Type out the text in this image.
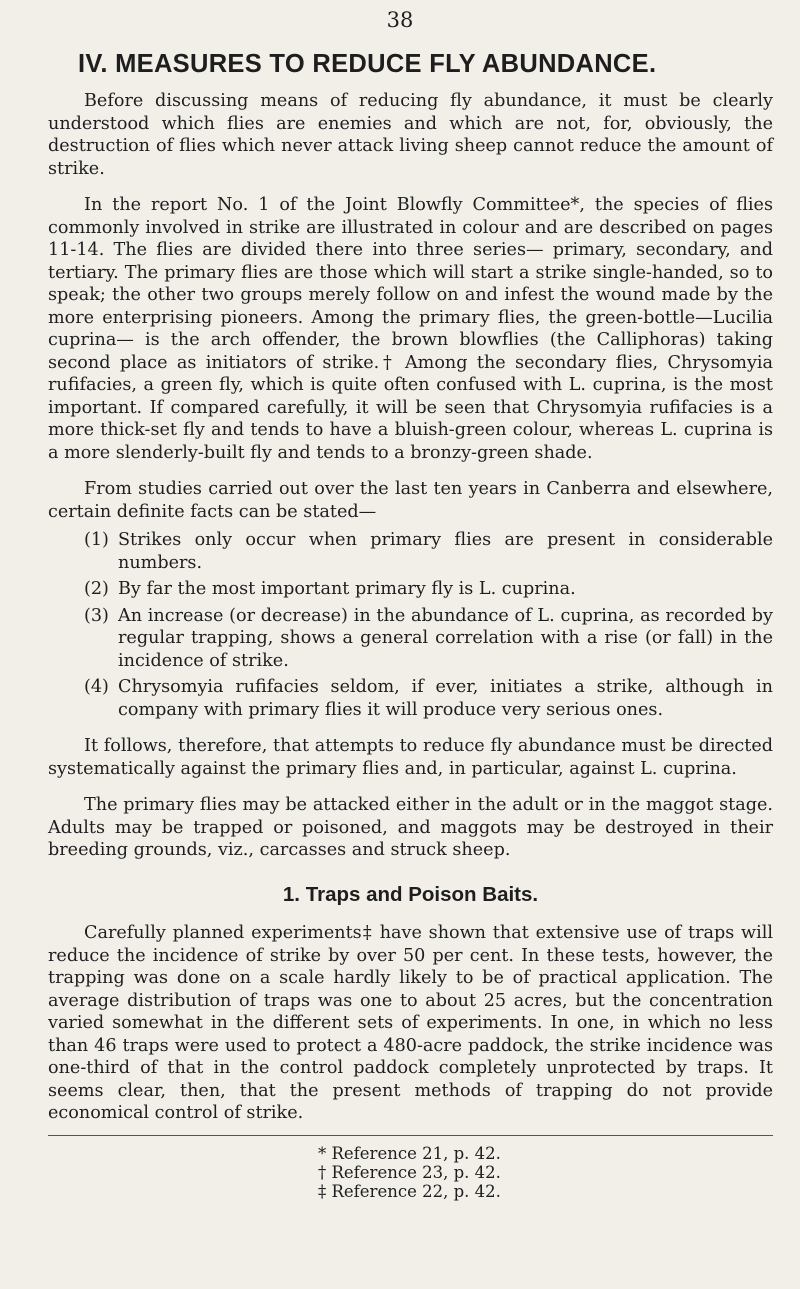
38
IV. MEASURES TO REDUCE FLY ABUNDANCE.

Before discussing means of reducing fly abundance, it must be clearly understood which flies are enemies and which are not, for, obviously, the destruction of flies which never attack living sheep cannot reduce the amount of strike.

In the report No. 1 of the Joint Blowfly Committee*, the species of flies commonly involved in strike are illustrated in colour and are described on pages 11-14. The flies are divided there into three series— primary, secondary, and tertiary. The primary flies are those which will start a strike single-handed, so to speak; the other two groups merely follow on and infest the wound made by the more enterprising pioneers. Among the primary flies, the green-bottle—Lucilia cuprina— is the arch offender, the brown blowflies (the Calliphoras) taking second place as initiators of strike.† Among the secondary flies, Chrysomyia rufifacies, a green fly, which is quite often confused with L. cuprina, is the most important. If compared carefully, it will be seen that Chrysomyia rufifacies is a more thick-set fly and tends to have a bluish-green colour, whereas L. cuprina is a more slenderly-built fly and tends to a bronzy-green shade.

From studies carried out over the last ten years in Canberra and elsewhere, certain definite facts can be stated—

(1) Strikes only occur when primary flies are present in considerable numbers.
(2) By far the most important primary fly is L. cuprina.
(3) An increase (or decrease) in the abundance of L. cuprina, as recorded by regular trapping, shows a general correlation with a rise (or fall) in the incidence of strike.
(4) Chrysomyia rufifacies seldom, if ever, initiates a strike, although in company with primary flies it will produce very serious ones.

It follows, therefore, that attempts to reduce fly abundance must be directed systematically against the primary flies and, in particular, against L. cuprina.

The primary flies may be attacked either in the adult or in the maggot stage. Adults may be trapped or poisoned, and maggots may be destroyed in their breeding grounds, viz., carcasses and struck sheep.

1. Traps and Poison Baits.

Carefully planned experiments‡ have shown that extensive use of traps will reduce the incidence of strike by over 50 per cent. In these tests, however, the trapping was done on a scale hardly likely to be of practical application. The average distribution of traps was one to about 25 acres, but the concentration varied somewhat in the different sets of experiments. In one, in which no less than 46 traps were used to protect a 480-acre paddock, the strike incidence was one-third of that in the control paddock completely unprotected by traps. It seems clear, then, that the present methods of trapping do not provide economical control of strike.

* Reference 21, p. 42.
† Reference 23, p. 42.
‡ Reference 22, p. 42.
